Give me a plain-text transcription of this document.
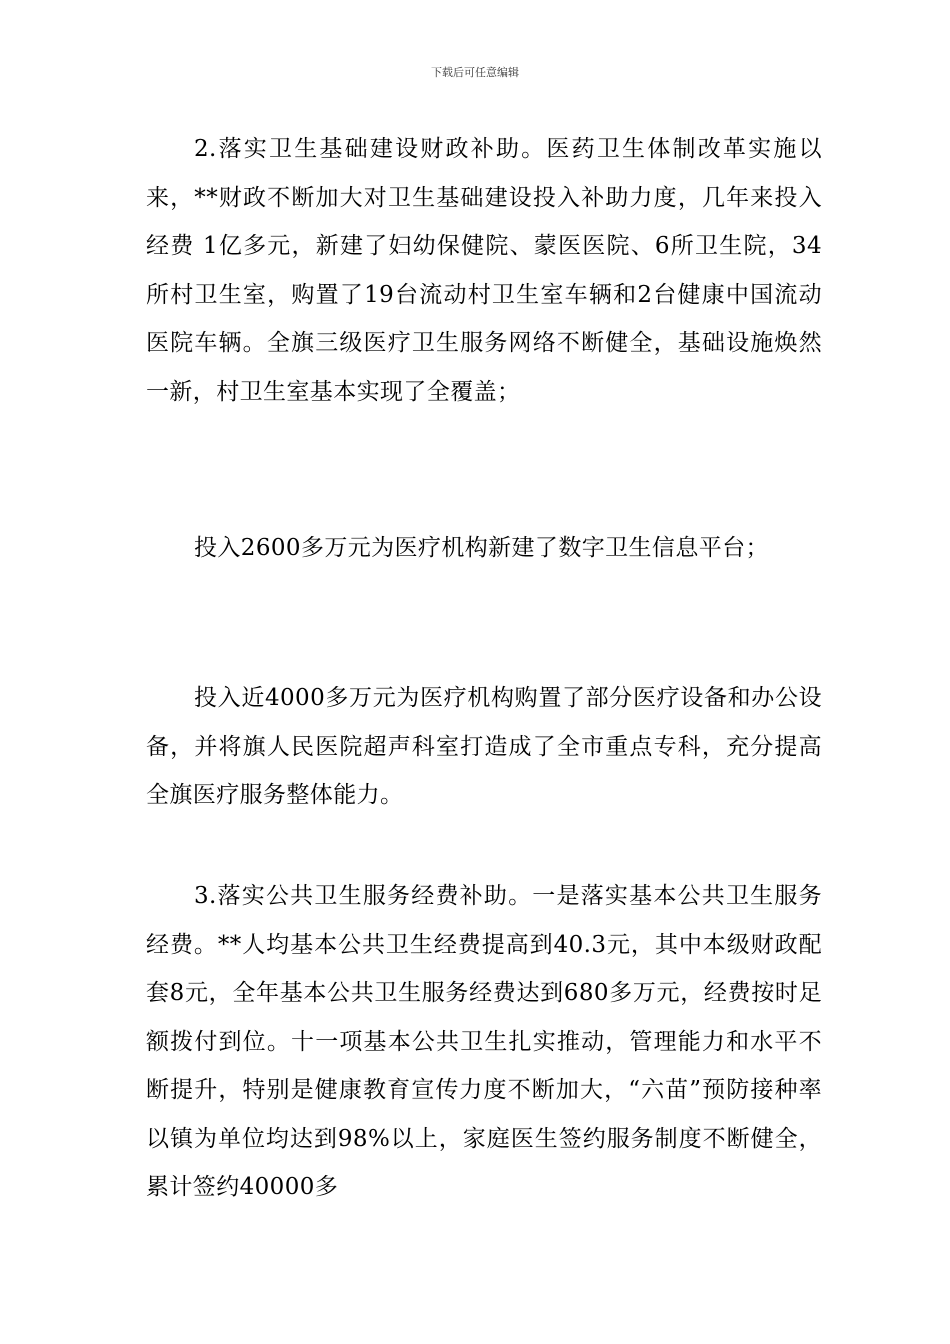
下载后可任意编辑

2.落实卫生基础建设财政补助。医药卫生体制改革实施以来，**财政不断加大对卫生基础建设投入补助力度，几年来投入经费 1亿多元，新建了妇幼保健院、蒙医医院、6所卫生院，34所村卫生室，购置了19台流动村卫生室车辆和2台健康中国流动医院车辆。全旗三级医疗卫生服务网络不断健全，基础设施焕然一新，村卫生室基本实现了全覆盖；

投入2600多万元为医疗机构新建了数字卫生信息平台；

投入近4000多万元为医疗机构购置了部分医疗设备和办公设备，并将旗人民医院超声科室打造成了全市重点专科，充分提高全旗医疗服务整体能力。

3.落实公共卫生服务经费补助。一是落实基本公共卫生服务经费。**人均基本公共卫生经费提高到40.3元，其中本级财政配套8元，全年基本公共卫生服务经费达到680多万元，经费按时足额拨付到位。十一项基本公共卫生扎实推动，管理能力和水平不断提升，特别是健康教育宣传力度不断加大，“六苗”预防接种率以镇为单位均达到98%以上，家庭医生签约服务制度不断健全，累计签约40000多
